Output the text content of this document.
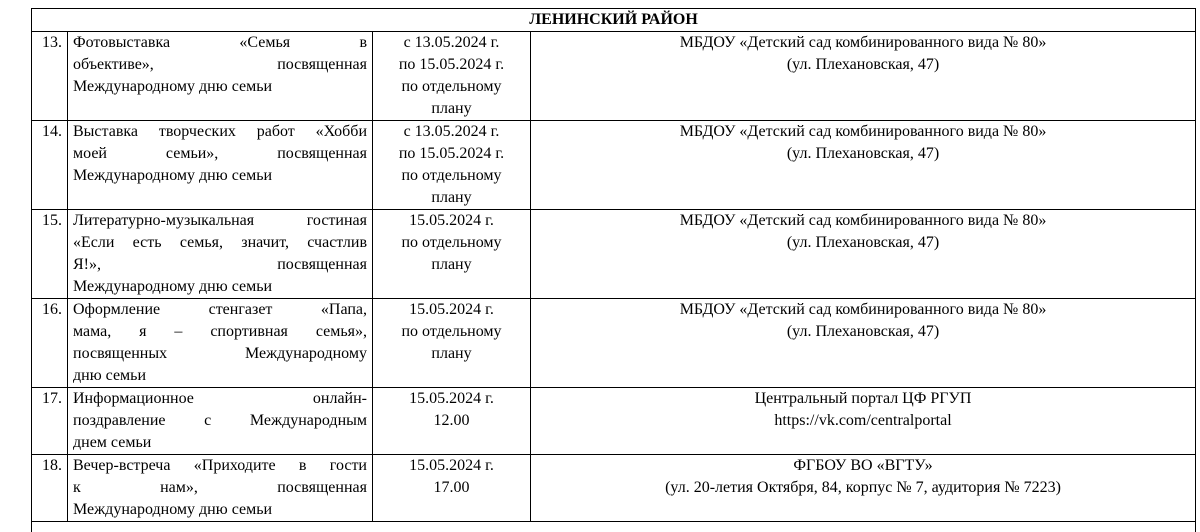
ЛЕНИНСКИЙ РАЙОН			
13.	Фотовыставка «Семья в
объективе», посвященная
Международному дню семьи	с 13.05.2024 г.
по 15.05.2024 г.
по отдельному
плану	МБДОУ «Детский сад комбинированного вида № 80»
(ул. Плехановская, 47)

14.	Выставка творческих работ «Хобби
моей семьи», посвященная
Международному дню семьи	с 13.05.2024 г.
по 15.05.2024 г.
по отдельному
плану	МБДОУ «Детский сад комбинированного вида № 80»
(ул. Плехановская, 47)

15.	Литературно-музыкальная гостиная
«Если есть семья, значит, счастлив
Я!», посвященная
Международному дню семьи	15.05.2024 г.
по отдельному
плану	МБДОУ «Детский сад комбинированного вида № 80»
(ул. Плехановская, 47)

16.	Оформление стенгазет «Папа,
мама, я – спортивная семья»,
посвященных Международному
дню семьи	15.05.2024 г.
по отдельному
плану	МБДОУ «Детский сад комбинированного вида № 80»
(ул. Плехановская, 47)

17.	Информационное онлайн-
поздравление с Международным
днем семьи	15.05.2024 г.
12.00	Центральный портал ЦФ РГУП
https://vk.com/centralportal

18.	Вечер-встреча «Приходите в гости
к нам», посвященная
Международному дню семьи	15.05.2024 г.
17.00	ФГБОУ ВО «ВГТУ»
(ул. 20-летия Октября, 84, корпус № 7, аудитория № 7223)
